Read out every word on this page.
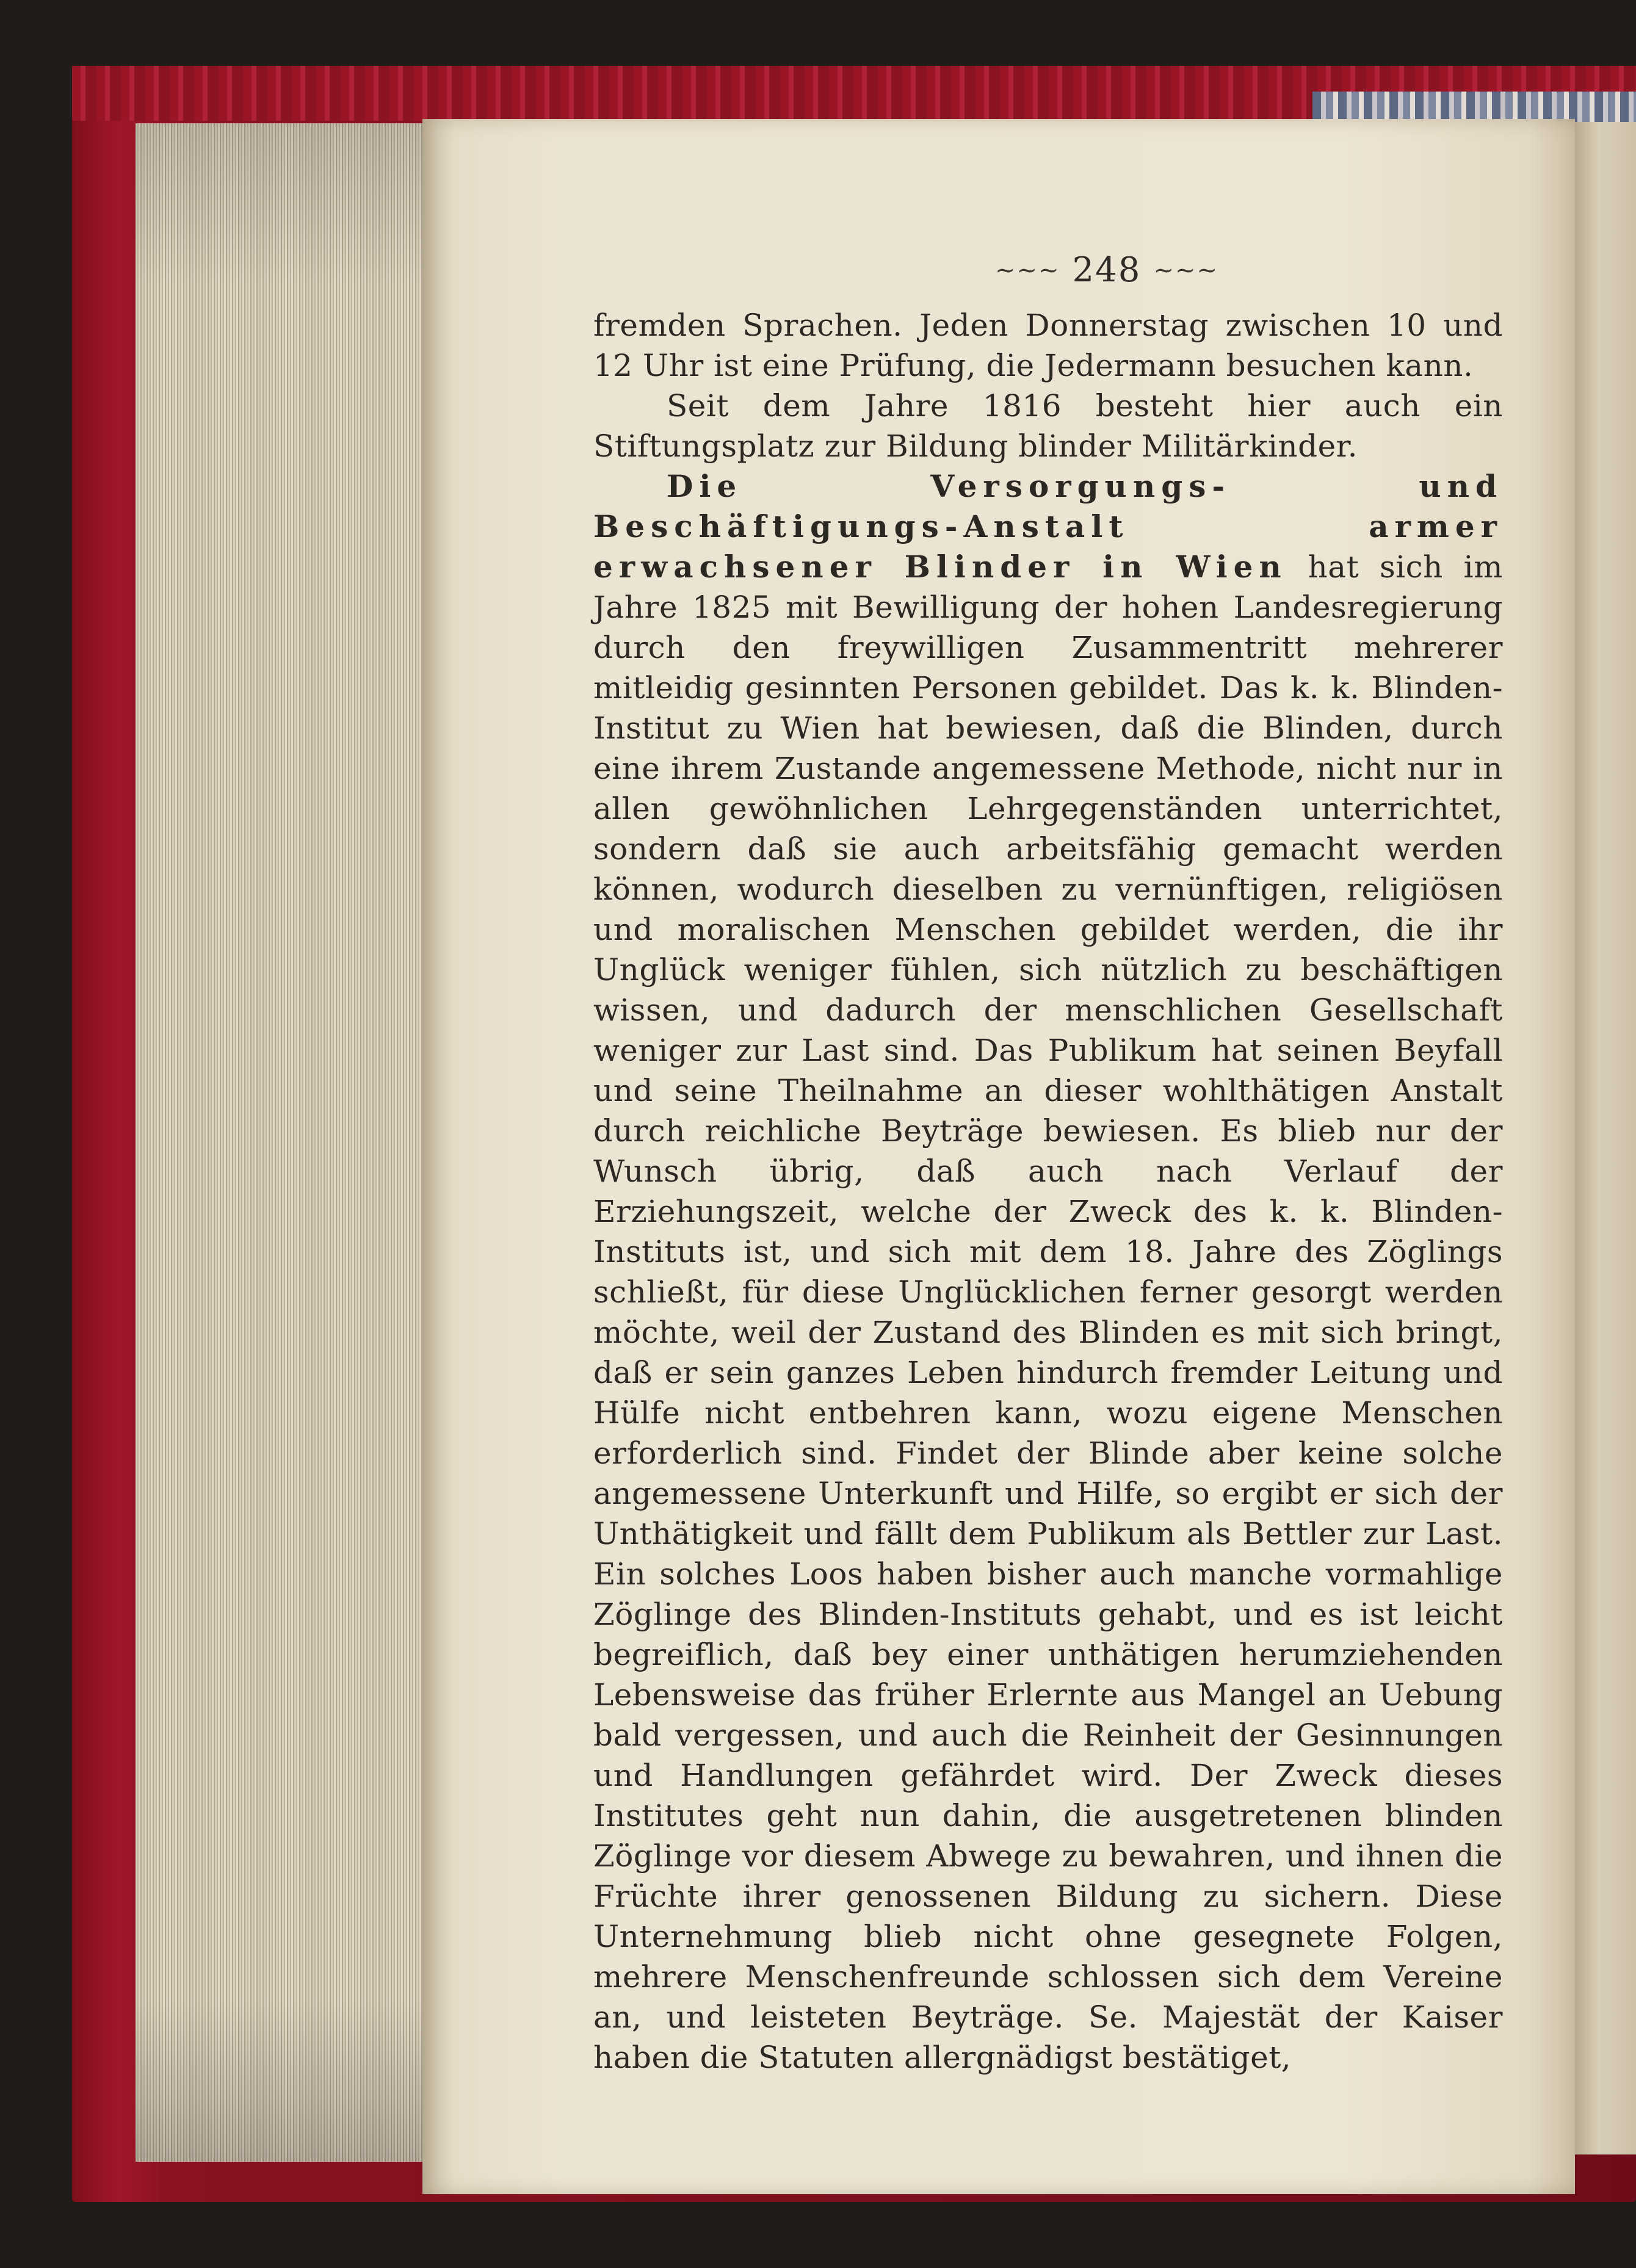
~~~ 248 ~~~

fremden Sprachen. Jeden Donnerstag zwischen 10 und 12 Uhr ist eine Prüfung, die Jedermann besuchen kann.

Seit dem Jahre 1816 besteht hier auch ein Stiftungsplatz zur Bildung blinder Militärkinder.

Die Versorgungs- und Beschäftigungs-Anstalt armer erwachsener Blinder in Wien hat sich im Jahre 1825 mit Bewilligung der hohen Landesregierung durch den freywilligen Zusammentritt mehrerer mitleidig gesinnten Personen gebildet. Das k. k. Blinden-Institut zu Wien hat bewiesen, daß die Blinden, durch eine ihrem Zustande angemessene Methode, nicht nur in allen gewöhnlichen Lehrgegenständen unterrichtet, sondern daß sie auch arbeitsfähig gemacht werden können, wodurch dieselben zu vernünftigen, religiösen und moralischen Menschen gebildet werden, die ihr Unglück weniger fühlen, sich nützlich zu beschäftigen wissen, und dadurch der menschlichen Gesellschaft weniger zur Last sind. Das Publikum hat seinen Beyfall und seine Theilnahme an dieser wohlthätigen Anstalt durch reichliche Beyträge bewiesen. Es blieb nur der Wunsch übrig, daß auch nach Verlauf der Erziehungszeit, welche der Zweck des k. k. Blinden-Instituts ist, und sich mit dem 18. Jahre des Zöglings schließt, für diese Unglücklichen ferner gesorgt werden möchte, weil der Zustand des Blinden es mit sich bringt, daß er sein ganzes Leben hindurch fremder Leitung und Hülfe nicht entbehren kann, wozu eigene Menschen erforderlich sind. Findet der Blinde aber keine solche angemessene Unterkunft und Hilfe, so ergibt er sich der Unthätigkeit und fällt dem Publikum als Bettler zur Last. Ein solches Loos haben bisher auch manche vormahlige Zöglinge des Blinden-Instituts gehabt, und es ist leicht begreiflich, daß bey einer unthätigen herumziehenden Lebensweise das früher Erlernte aus Mangel an Uebung bald vergessen, und auch die Reinheit der Gesinnungen und Handlungen gefährdet wird. Der Zweck dieses Institutes geht nun dahin, die ausgetretenen blinden Zöglinge vor diesem Abwege zu bewahren, und ihnen die Früchte ihrer genossenen Bildung zu sichern. Diese Unternehmung blieb nicht ohne gesegnete Folgen, mehrere Menschenfreunde schlossen sich dem Vereine an, und leisteten Beyträge. Se. Majestät der Kaiser haben die Statuten allergnädigst bestätiget,
